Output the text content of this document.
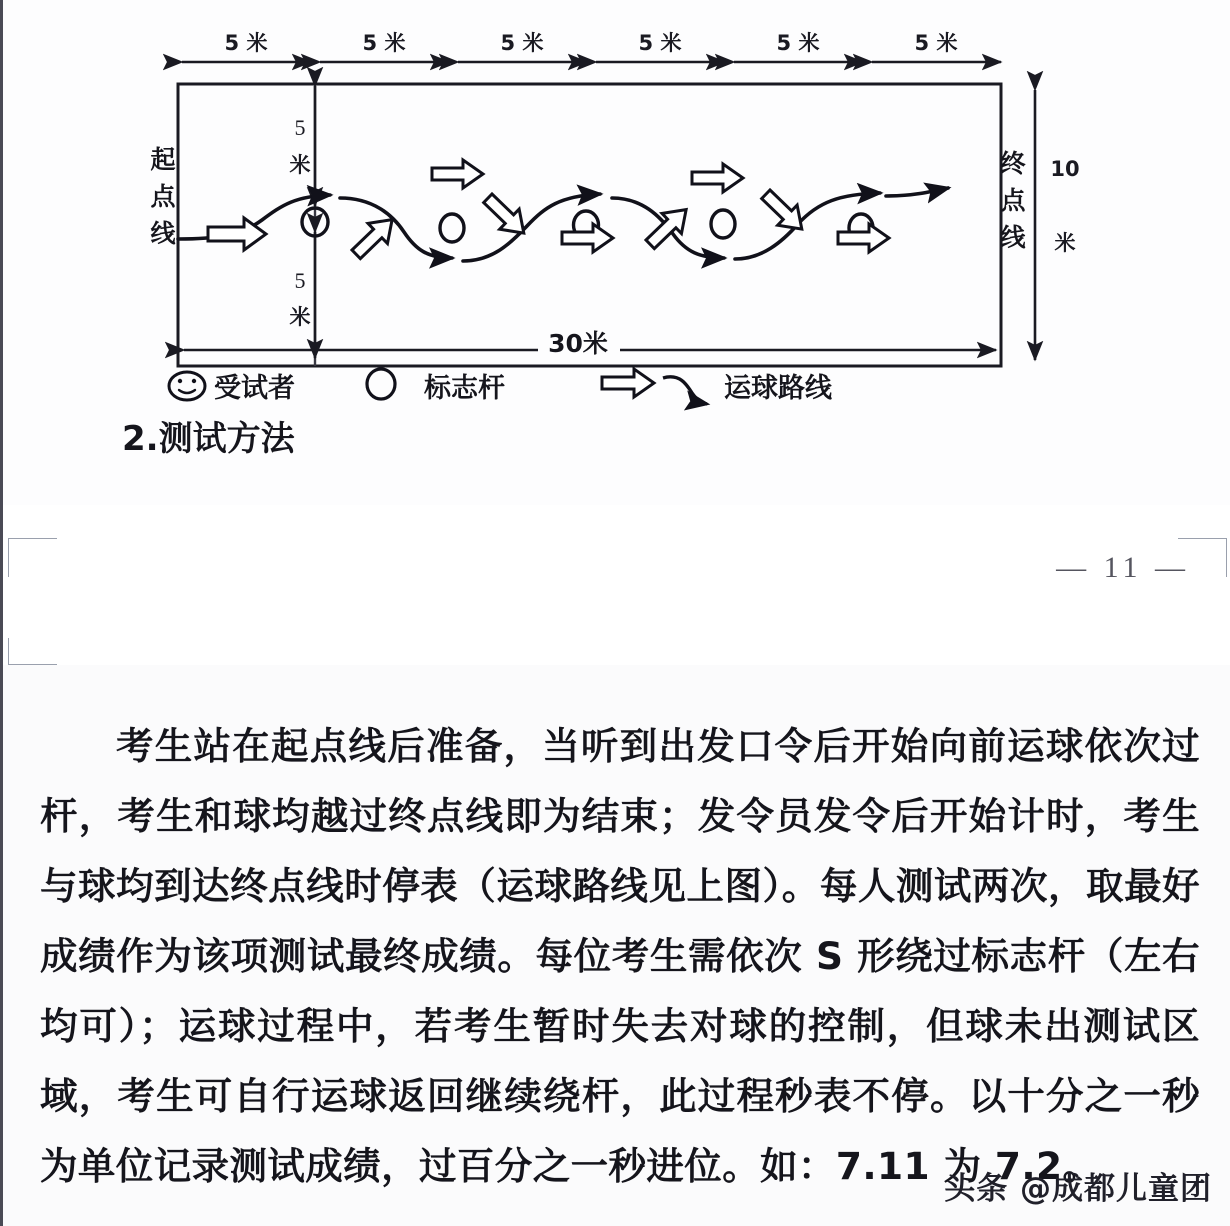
5 米	5 米	5 米	5 米	5 米	5 米
起
点
线
终
点
线
5
米
5
米
10
米
30米
受试者	标志杆	运球路线
2.测试方法
— 11 —

考生站在起点线后准备，当听到出发口令后开始向前运球依次过杆，考生和球均越过终点线即为结束；发令员发令后开始计时，考生与球均到达终点线时停表（运球路线见上图）。每人测试两次，取最好成绩作为该项测试最终成绩。每位考生需依次 S 形绕过标志杆（左右均可）；运球过程中，若考生暂时失去对球的控制，但球未出测试区域，考生可自行运球返回继续绕杆，此过程秒表不停。以十分之一秒为单位记录测试成绩，过百分之一秒进位。如：7.11 为 7.2。

头条 @成都儿童团
